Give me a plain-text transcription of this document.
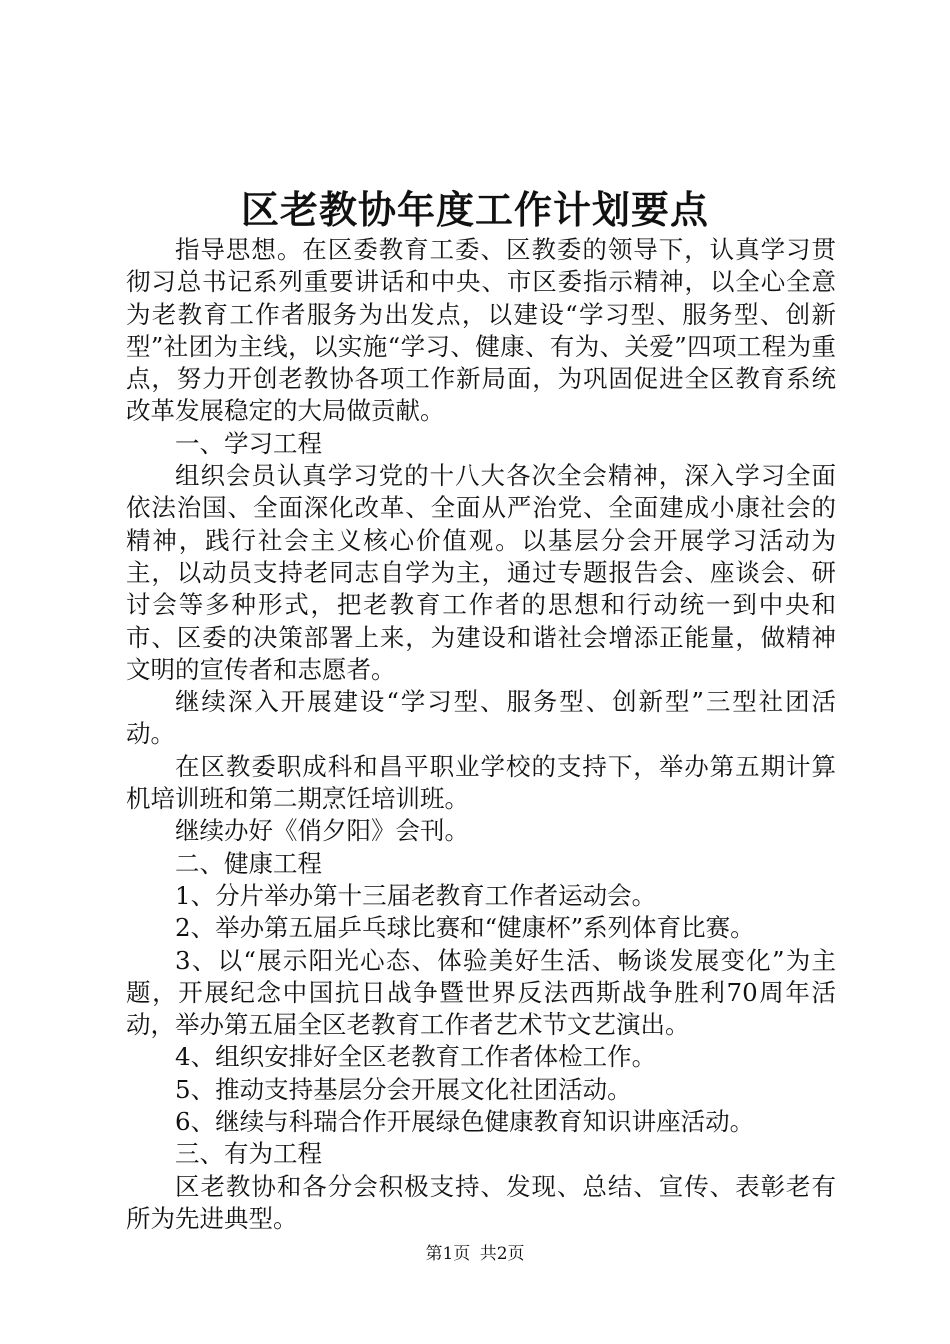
区老教协年度工作计划要点

指导思想。在区委教育工委、区教委的领导下，认真学习贯彻习总书记系列重要讲话和中央、市区委指示精神，以全心全意为老教育工作者服务为出发点，以建设“学习型、服务型、创新型”社团为主线，以实施“学习、健康、有为、关爱”四项工程为重点，努力开创老教协各项工作新局面，为巩固促进全区教育系统改革发展稳定的大局做贡献。

一、学习工程

组织会员认真学习党的十八大各次全会精神，深入学习全面依法治国、全面深化改革、全面从严治党、全面建成小康社会的精神，践行社会主义核心价值观。以基层分会开展学习活动为主，以动员支持老同志自学为主，通过专题报告会、座谈会、研讨会等多种形式，把老教育工作者的思想和行动统一到中央和市、区委的决策部署上来，为建设和谐社会增添正能量，做精神文明的宣传者和志愿者。

继续深入开展建设“学习型、服务型、创新型”三型社团活动。

在区教委职成科和昌平职业学校的支持下，举办第五期计算机培训班和第二期烹饪培训班。

继续办好《俏夕阳》会刊。

二、健康工程

1、分片举办第十三届老教育工作者运动会。

2、举办第五届乒乓球比赛和“健康杯”系列体育比赛。

3、以“展示阳光心态、体验美好生活、畅谈发展变化”为主题，开展纪念中国抗日战争暨世界反法西斯战争胜利70周年活动，举办第五届全区老教育工作者艺术节文艺演出。

4、组织安排好全区老教育工作者体检工作。

5、推动支持基层分会开展文化社团活动。

6、继续与科瑞合作开展绿色健康教育知识讲座活动。

三、有为工程

区老教协和各分会积极支持、发现、总结、宣传、表彰老有所为先进典型。

第1页 共2页
